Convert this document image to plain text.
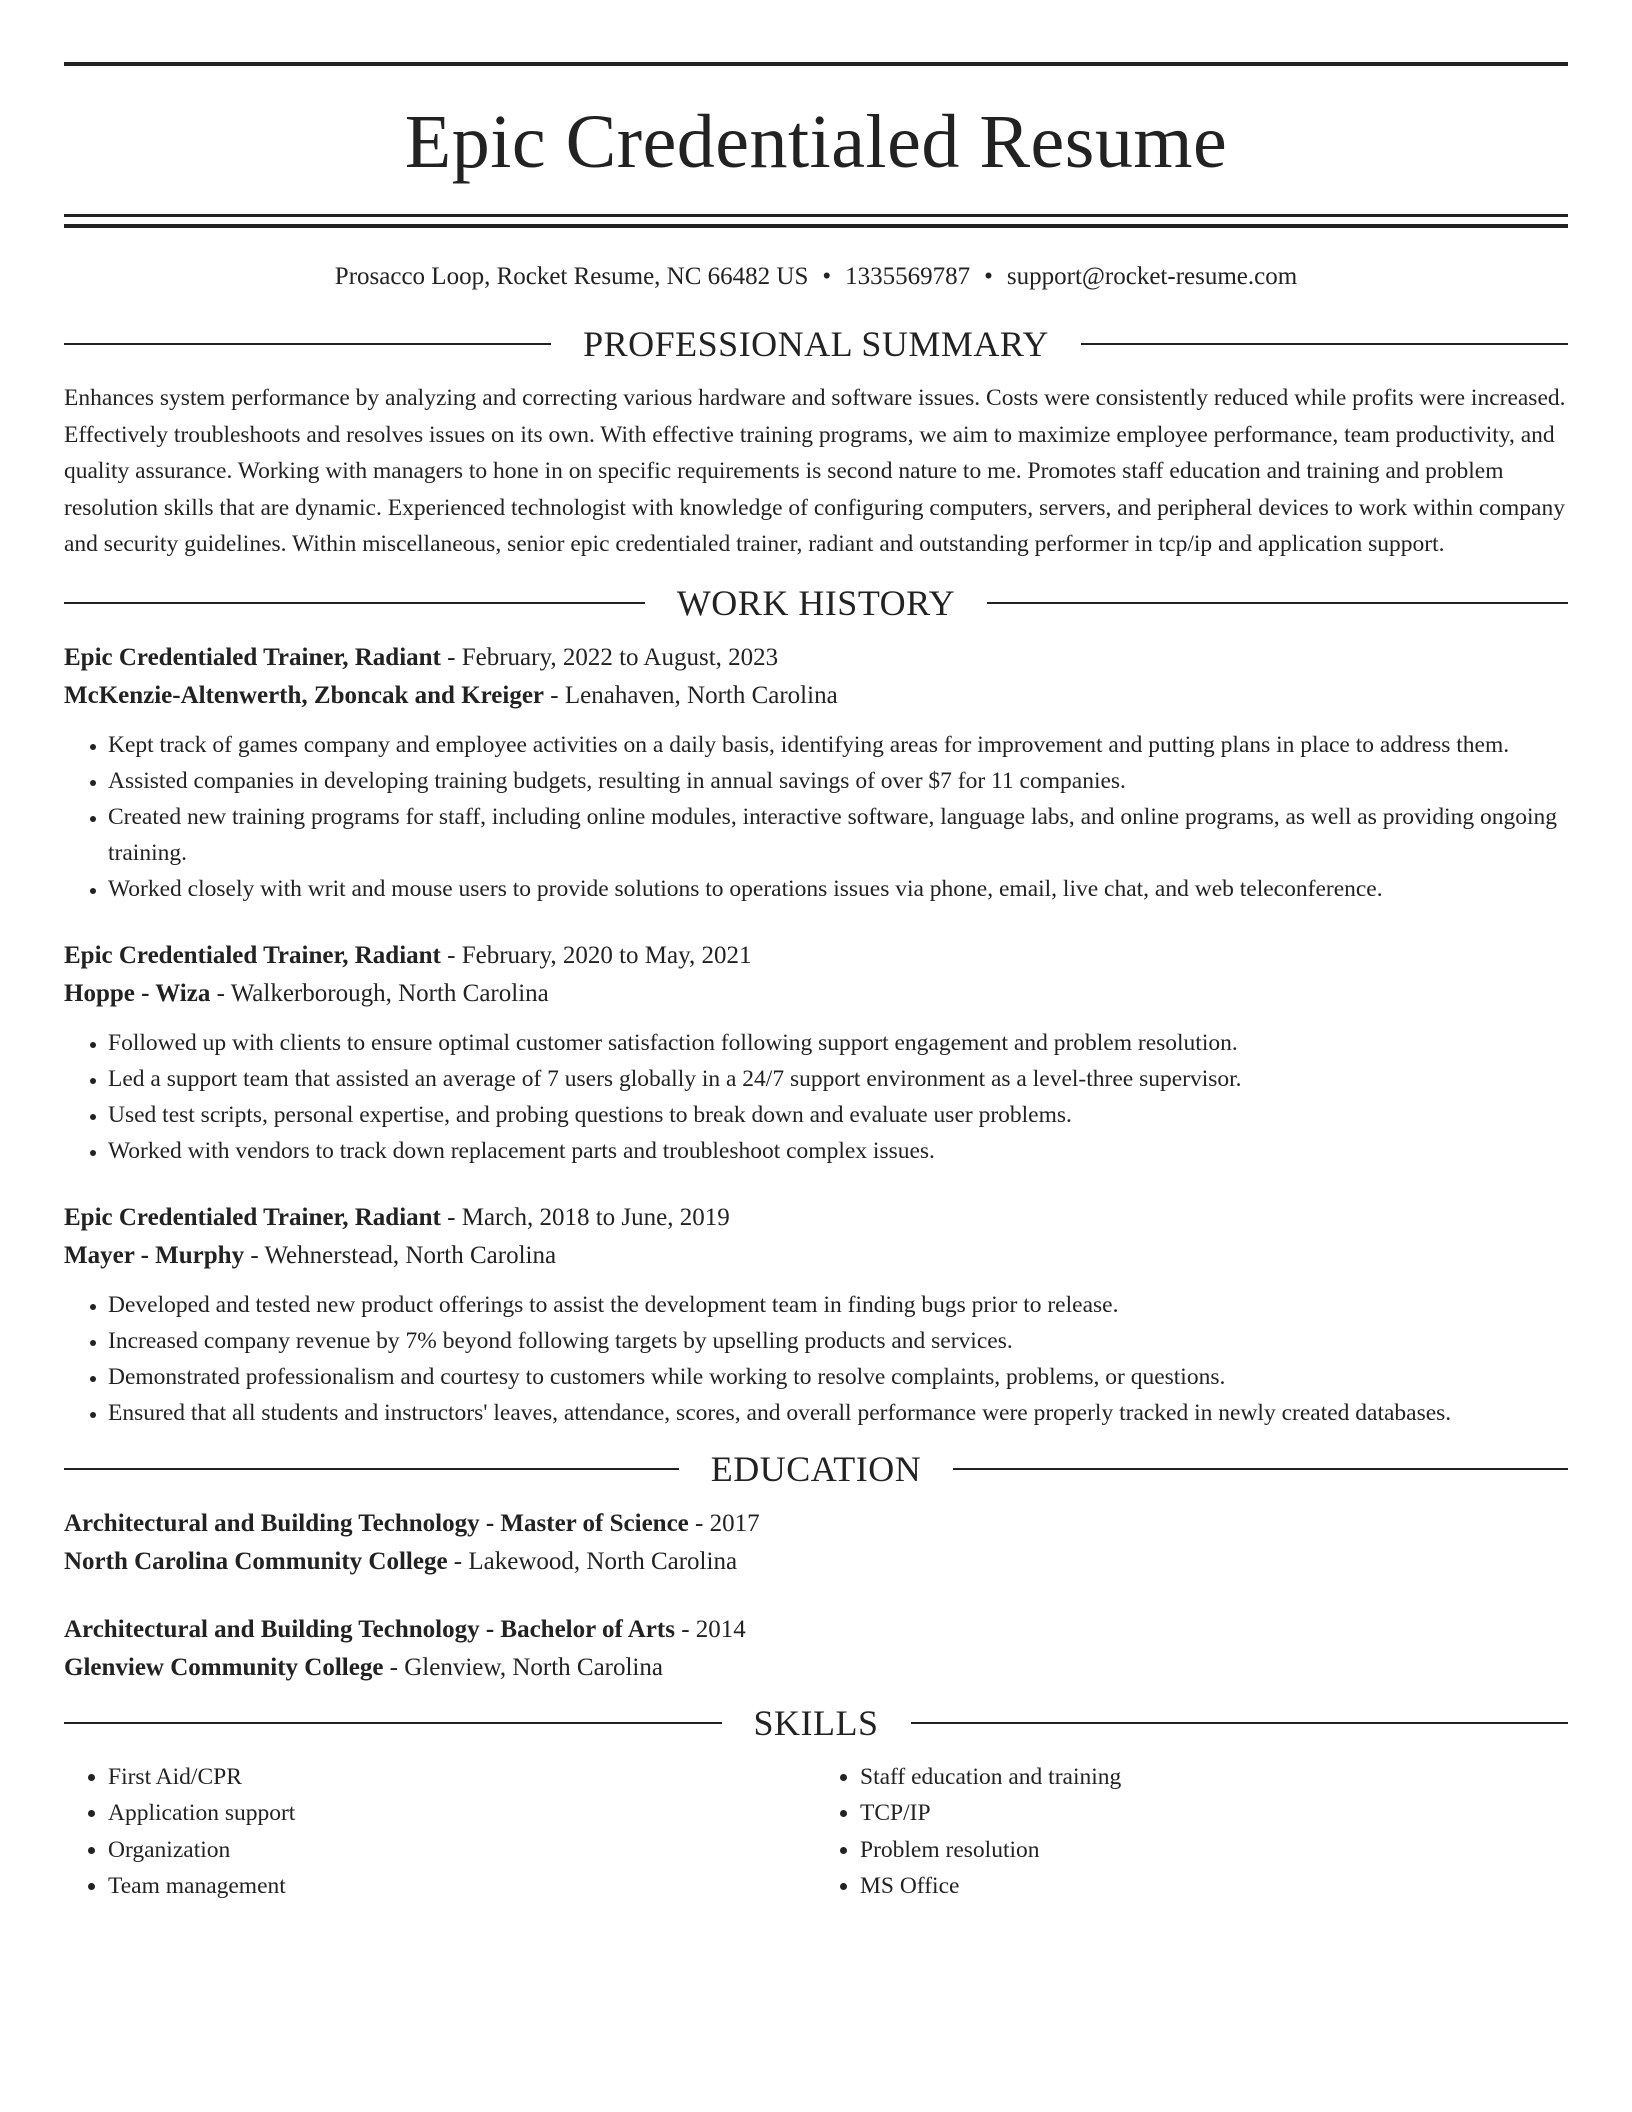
Epic Credentialed Resume
Prosacco Loop, Rocket Resume, NC 66482 US • 1335569787 • support@rocket-resume.com
PROFESSIONAL SUMMARY

Enhances system performance by analyzing and correcting various hardware and software issues. Costs were consistently reduced while profits were increased. Effectively troubleshoots and resolves issues on its own. With effective training programs, we aim to maximize employee performance, team productivity, and quality assurance. Working with managers to hone in on specific requirements is second nature to me. Promotes staff education and training and problem resolution skills that are dynamic. Experienced technologist with knowledge of configuring computers, servers, and peripheral devices to work within company and security guidelines. Within miscellaneous, senior epic credentialed trainer, radiant and outstanding performer in tcp/ip and application support.

WORK HISTORY
Epic Credentialed Trainer, Radiant - February, 2022 to August, 2023
McKenzie-Altenwerth, Zboncak and Kreiger - Lenahaven, North Carolina
• Kept track of games company and employee activities on a daily basis, identifying areas for improvement and putting plans in place to address them.
• Assisted companies in developing training budgets, resulting in annual savings of over $7 for 11 companies.
• Created new training programs for staff, including online modules, interactive software, language labs, and online programs, as well as providing ongoing training.
• Worked closely with writ and mouse users to provide solutions to operations issues via phone, email, live chat, and web teleconference.
Epic Credentialed Trainer, Radiant - February, 2020 to May, 2021
Hoppe - Wiza - Walkerborough, North Carolina
• Followed up with clients to ensure optimal customer satisfaction following support engagement and problem resolution.
• Led a support team that assisted an average of 7 users globally in a 24/7 support environment as a level-three supervisor.
• Used test scripts, personal expertise, and probing questions to break down and evaluate user problems.
• Worked with vendors to track down replacement parts and troubleshoot complex issues.
Epic Credentialed Trainer, Radiant - March, 2018 to June, 2019
Mayer - Murphy - Wehnerstead, North Carolina
• Developed and tested new product offerings to assist the development team in finding bugs prior to release.
• Increased company revenue by 7% beyond following targets by upselling products and services.
• Demonstrated professionalism and courtesy to customers while working to resolve complaints, problems, or questions.
• Ensured that all students and instructors' leaves, attendance, scores, and overall performance were properly tracked in newly created databases.
EDUCATION
Architectural and Building Technology - Master of Science - 2017
North Carolina Community College - Lakewood, North Carolina
Architectural and Building Technology - Bachelor of Arts - 2014
Glenview Community College - Glenview, North Carolina
SKILLS
• First Aid/CPR
• Application support
• Organization
• Team management
• Staff education and training
• TCP/IP
• Problem resolution
• MS Office
